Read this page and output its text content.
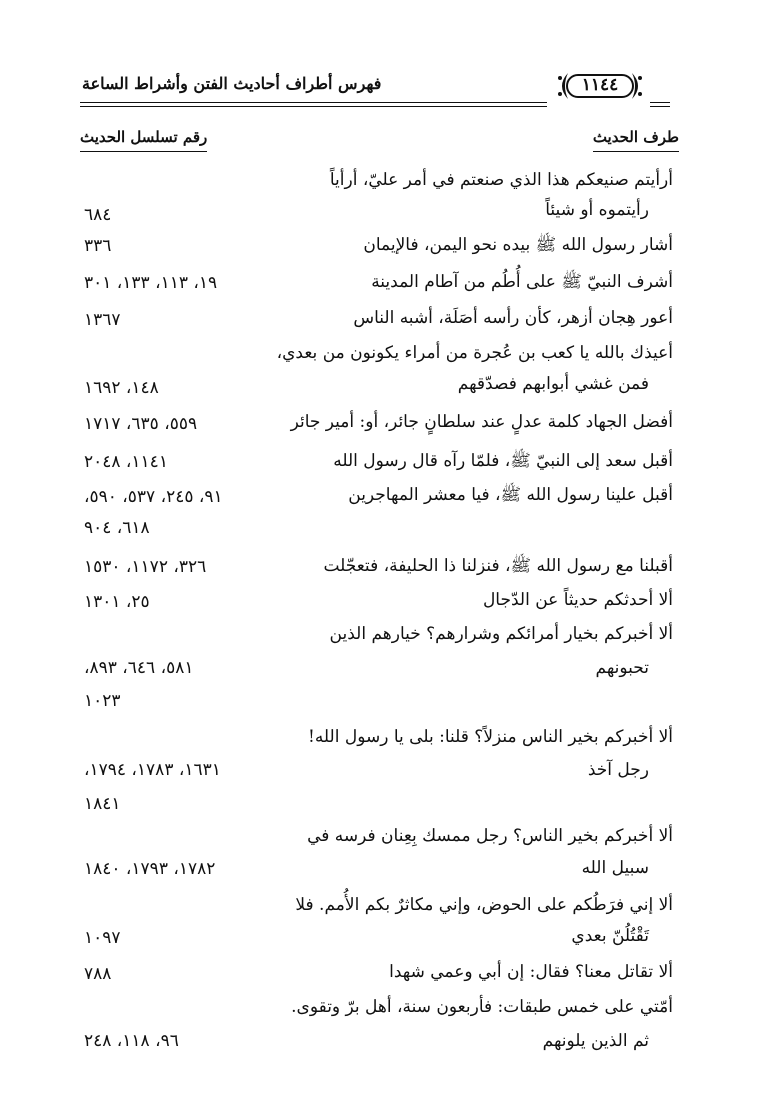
فهرس أطراف أحاديث الفتن وأشراط الساعة	١١٤٤
طرف الحديث
رقم تسلسل الحديث
أرأيتم صنيعكم هذا الذي صنعتم في أمر عليّ، أرأياً
رأيتموه أو شيئاً
٦٨٤
أشار رسول الله ﷺ بيده نحو اليمن، فالإيمان
٣٣٦
أشرف النبيّ ﷺ على أُطُم من آطام المدينة
١٩، ١١٣، ١٣٣، ٣٠١
أعور هِجان أزهر، كأن رأسه أصَلَة، أشبه الناس
١٣٦٧
أعيذك بالله يا كعب بن عُجرة من أمراء يكونون من بعدي،
فمن غشي أبوابهم فصدّقهم
١٤٨، ١٦٩٢
أفضل الجهاد كلمة عدلٍ عند سلطانٍ جائر، أو: أمير جائر
٥٥٩، ٦٣٥، ١٧١٧
أقبل سعد إلى النبيّ ﷺ، فلمّا رآه قال رسول الله
١١٤١، ٢٠٤٨
أقبل علينا رسول الله ﷺ، فيا معشر المهاجرين
٩١، ٢٤٥، ٥٣٧، ٥٩٠،
٦١٨، ٩٠٤
أقبلنا مع رسول الله ﷺ، فنزلنا ذا الحليفة، فتعجّلت
٣٢٦، ١١٧٢، ١٥٣٠
ألا أحدثكم حديثاً عن الدّجال
٢٥، ١٣٠١
ألا أخبركم بخيار أمرائكم وشرارهم؟ خيارهم الذين
تحبونهم
٥٨١، ٦٤٦، ٨٩٣،
١٠٢٣
ألا أخبركم بخير الناس منزلاً؟ قلنا: بلى يا رسول الله!
رجل آخذ
١٦٣١، ١٧٨٣، ١٧٩٤،
١٨٤١
ألا أخبركم بخير الناس؟ رجل ممسك بِعِنان فرسه في
سبيل الله
١٧٨٢، ١٧٩٣، ١٨٤٠
ألا إني فرَطُكم على الحوض، وإني مكاثرٌ بكم الأُمم. فلا
تَقْتُلُنّ بعدي
١٠٩٧
ألا تقاتل معنا؟ فقال: إن أبي وعمي شهدا
٧٨٨
أمّتي على خمس طبقات: فأربعون سنة، أهل برّ وتقوى.
ثم الذين يلونهم
٩٦، ١١٨، ٢٤٨
